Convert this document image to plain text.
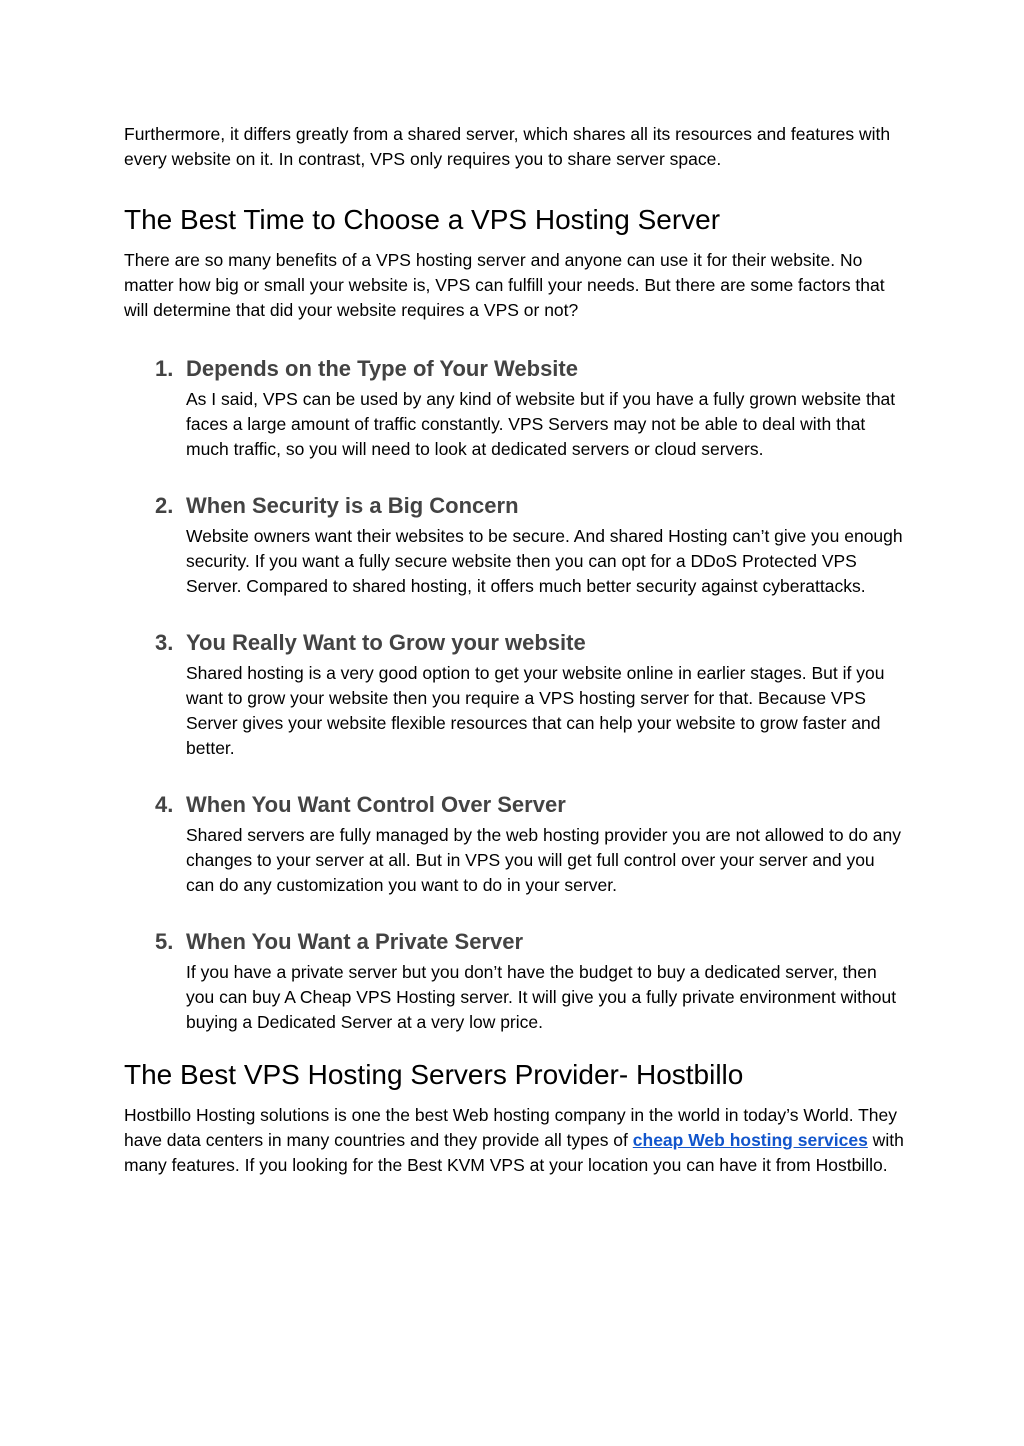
Furthermore, it differs greatly from a shared server, which shares all its resources and features with every website on it. In contrast, VPS only requires you to share server space.

The Best Time to Choose a VPS Hosting Server

There are so many benefits of a VPS hosting server and anyone can use it for their website. No matter how big or small your website is, VPS can fulfill your needs. But there are some factors that will determine that did your website requires a VPS or not?

1. Depends on the Type of Your Website

As I said, VPS can be used by any kind of website but if you have a fully grown website that faces a large amount of traffic constantly. VPS Servers may not be able to deal with that much traffic, so you will need to look at dedicated servers or cloud servers.

2. When Security is a Big Concern

Website owners want their websites to be secure. And shared Hosting can’t give you enough security. If you want a fully secure website then you can opt for a DDoS Protected VPS Server. Compared to shared hosting, it offers much better security against cyberattacks.

3. You Really Want to Grow your website

Shared hosting is a very good option to get your website online in earlier stages. But if you want to grow your website then you require a VPS hosting server for that. Because VPS Server gives your website flexible resources that can help your website to grow faster and better.

4. When You Want Control Over Server

Shared servers are fully managed by the web hosting provider you are not allowed to do any changes to your server at all. But in VPS you will get full control over your server and you can do any customization you want to do in your server.

5. When You Want a Private Server

If you have a private server but you don’t have the budget to buy a dedicated server, then you can buy A Cheap VPS Hosting server. It will give you a fully private environment without buying a Dedicated Server at a very low price.

The Best VPS Hosting Servers Provider- Hostbillo

Hostbillo Hosting solutions is one the best Web hosting company in the world in today’s World. They have data centers in many countries and they provide all types of cheap Web hosting services with many features. If you looking for the Best KVM VPS at your location you can have it from Hostbillo.
